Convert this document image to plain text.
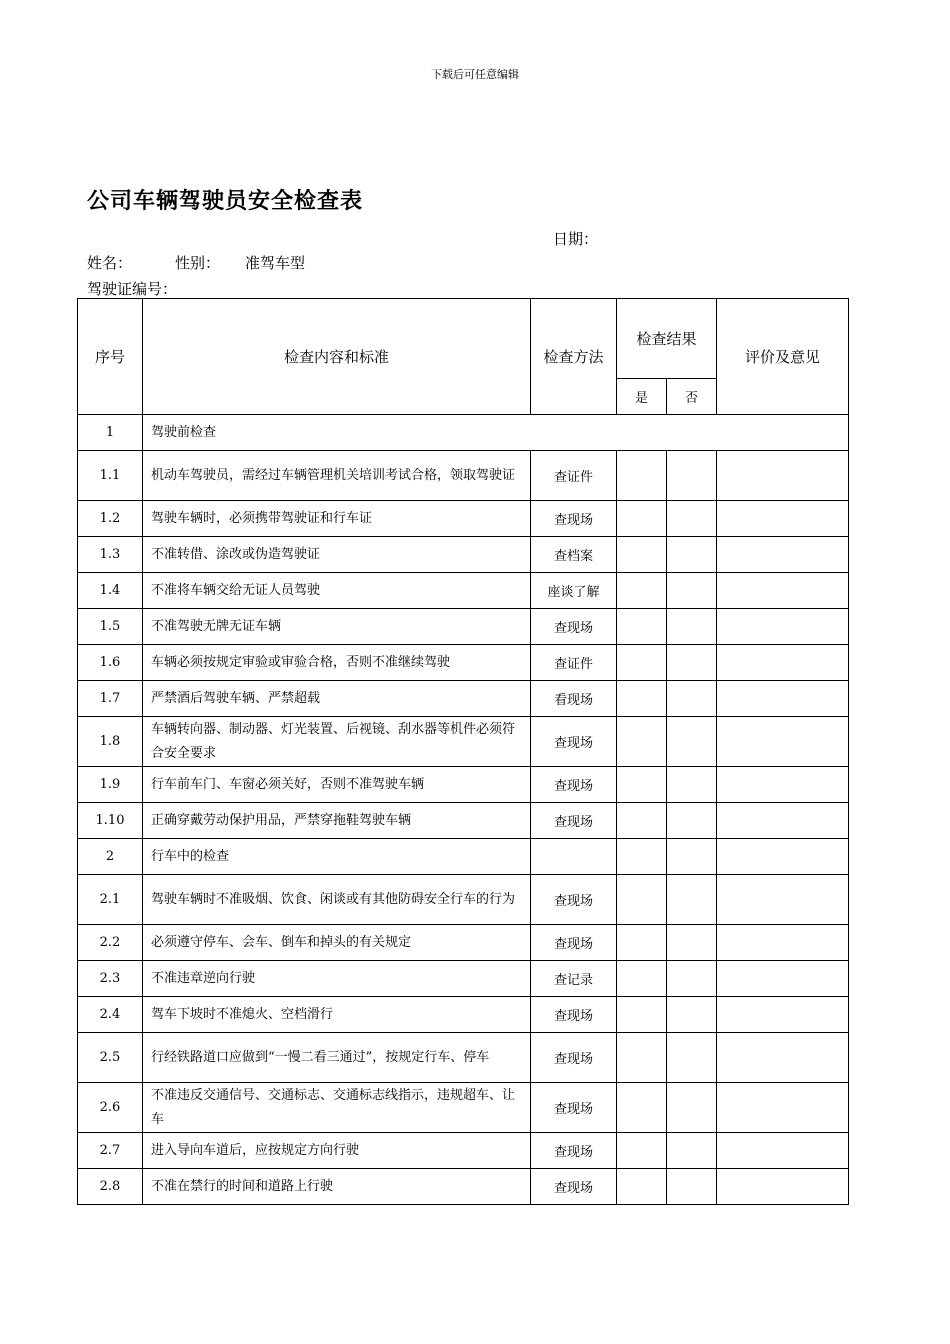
下载后可任意编辑
公司车辆驾驶员安全检查表
日期：
姓名：	性别： 准驾车型
驾驶证编号：
序号	检查内容和标准	检查方法	检查结果		评价及意见
			是	否	
1	驾驶前检查				
1.1	机动车驾驶员，需经过车辆管理机关培训考试合格，领取驾驶证	查证件			
1.2	驾驶车辆时，必须携带驾驶证和行车证	查现场			
1.3	不准转借、涂改或伪造驾驶证	查档案			
1.4	不准将车辆交给无证人员驾驶	座谈了解			
1.5	不准驾驶无牌无证车辆	查现场			
1.6	车辆必须按规定审验或审验合格，否则不准继续驾驶	查证件			
1.7	严禁酒后驾驶车辆、严禁超载	看现场			
1.8	车辆转向器、制动器、灯光装置、后视镜、刮水器等机件必须符合安全要求	查现场			
1.9	行车前车门、车窗必须关好，否则不准驾驶车辆	查现场			
1.10	正确穿戴劳动保护用品，严禁穿拖鞋驾驶车辆	查现场			
2	行车中的检查				
2.1	驾驶车辆时不准吸烟、饮食、闲谈或有其他防碍安全行车的行为	查现场			
2.2	必须遵守停车、会车、倒车和掉头的有关规定	查现场			
2.3	不准违章逆向行驶	查记录			
2.4	驾车下坡时不准熄火、空档滑行	查现场			
2.5	行经铁路道口应做到“一慢二看三通过”，按规定行车、停车	查现场			
2.6	不准违反交通信号、交通标志、交通标志线指示，违规超车、让车	查现场			
2.7	进入导向车道后，应按规定方向行驶	查现场			
2.8	不准在禁行的时间和道路上行驶	查现场			
